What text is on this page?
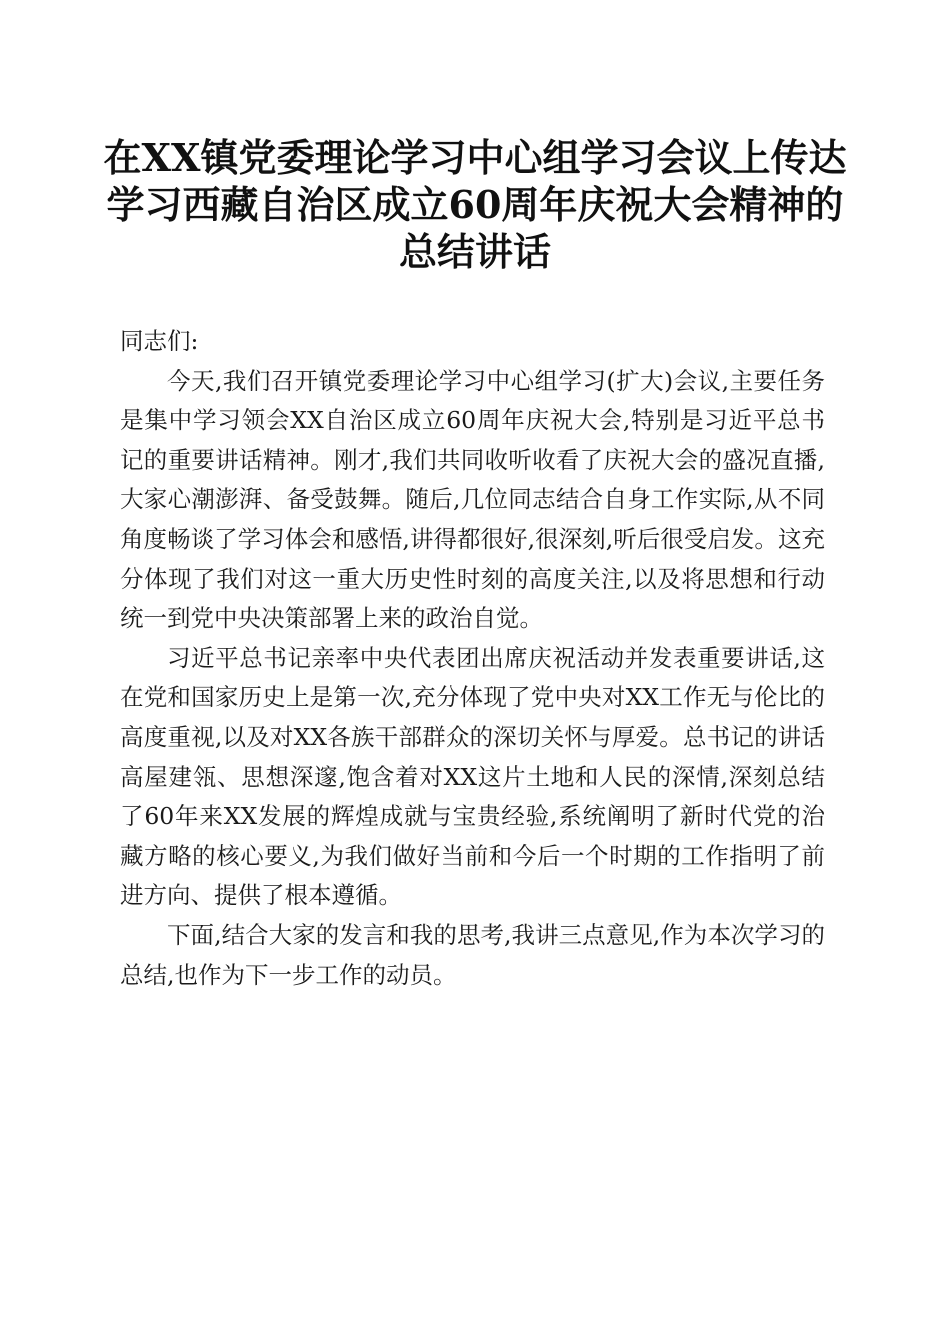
在XX镇党委理论学习中心组学习会议上传达
学习西藏自治区成立60周年庆祝大会精神的
总结讲话

同志们:

今天,我们召开镇党委理论学习中心组学习(扩大)会议,主要任务是集中学习领会XX自治区成立60周年庆祝大会,特别是习近平总书记的重要讲话精神。刚才,我们共同收听收看了庆祝大会的盛况直播,大家心潮澎湃、备受鼓舞。随后,几位同志结合自身工作实际,从不同角度畅谈了学习体会和感悟,讲得都很好,很深刻,听后很受启发。这充分体现了我们对这一重大历史性时刻的高度关注,以及将思想和行动统一到党中央决策部署上来的政治自觉。

习近平总书记亲率中央代表团出席庆祝活动并发表重要讲话,这在党和国家历史上是第一次,充分体现了党中央对XX工作无与伦比的高度重视,以及对XX各族干部群众的深切关怀与厚爱。总书记的讲话高屋建瓴、思想深邃,饱含着对XX这片土地和人民的深情,深刻总结了60年来XX发展的辉煌成就与宝贵经验,系统阐明了新时代党的治藏方略的核心要义,为我们做好当前和今后一个时期的工作指明了前进方向、提供了根本遵循。

下面,结合大家的发言和我的思考,我讲三点意见,作为本次学习的总结,也作为下一步工作的动员。
